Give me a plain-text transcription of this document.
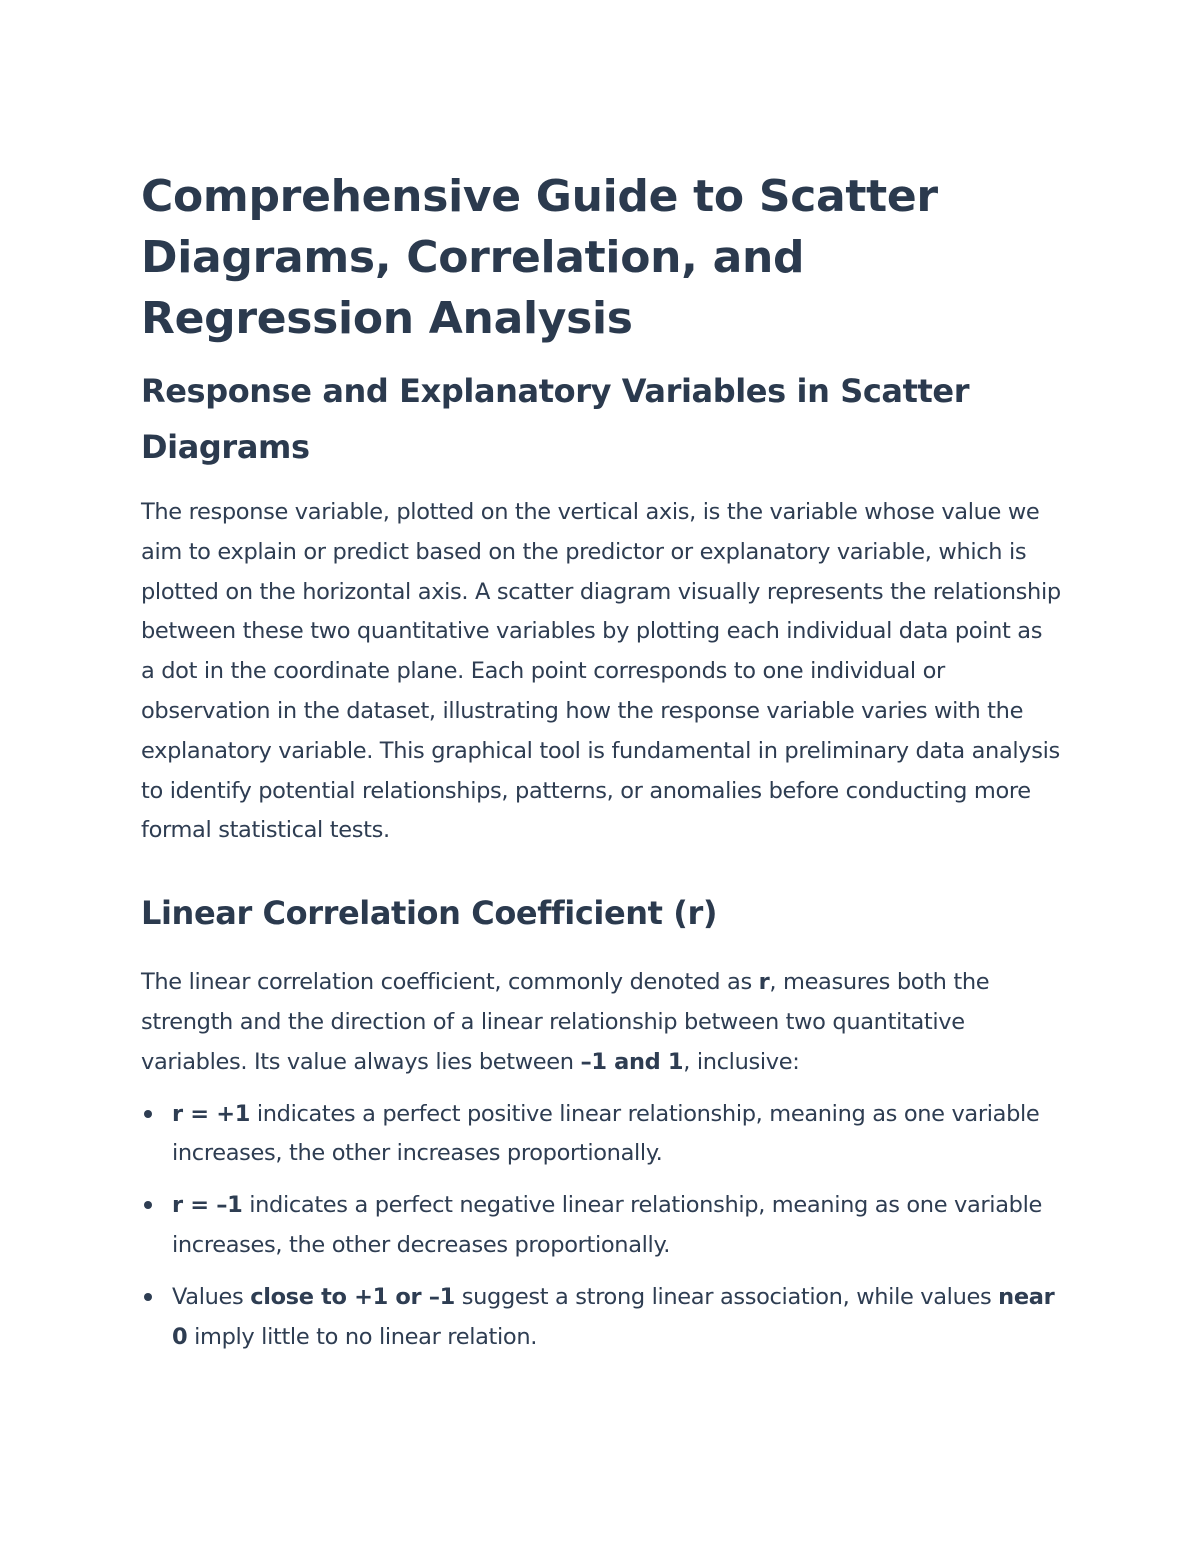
Comprehensive Guide to Scatter Diagrams, Correlation, and Regression Analysis
Response and Explanatory Variables in Scatter Diagrams

The response variable, plotted on the vertical axis, is the variable whose value we aim to explain or predict based on the predictor or explanatory variable, which is plotted on the horizontal axis. A scatter diagram visually represents the relationship between these two quantitative variables by plotting each individual data point as a dot in the coordinate plane. Each point corresponds to one individual or observation in the dataset, illustrating how the response variable varies with the explanatory variable. This graphical tool is fundamental in preliminary data analysis to identify potential relationships, patterns, or anomalies before conducting more formal statistical tests.

Linear Correlation Coefficient (r)

The linear correlation coefficient, commonly denoted as r, measures both the strength and the direction of a linear relationship between two quantitative variables. Its value always lies between –1 and 1, inclusive:

r = +1 indicates a perfect positive linear relationship, meaning as one variable increases, the other increases proportionally.
r = –1 indicates a perfect negative linear relationship, meaning as one variable increases, the other decreases proportionally.
Values close to +1 or –1 suggest a strong linear association, while values near 0 imply little to no linear relation.
